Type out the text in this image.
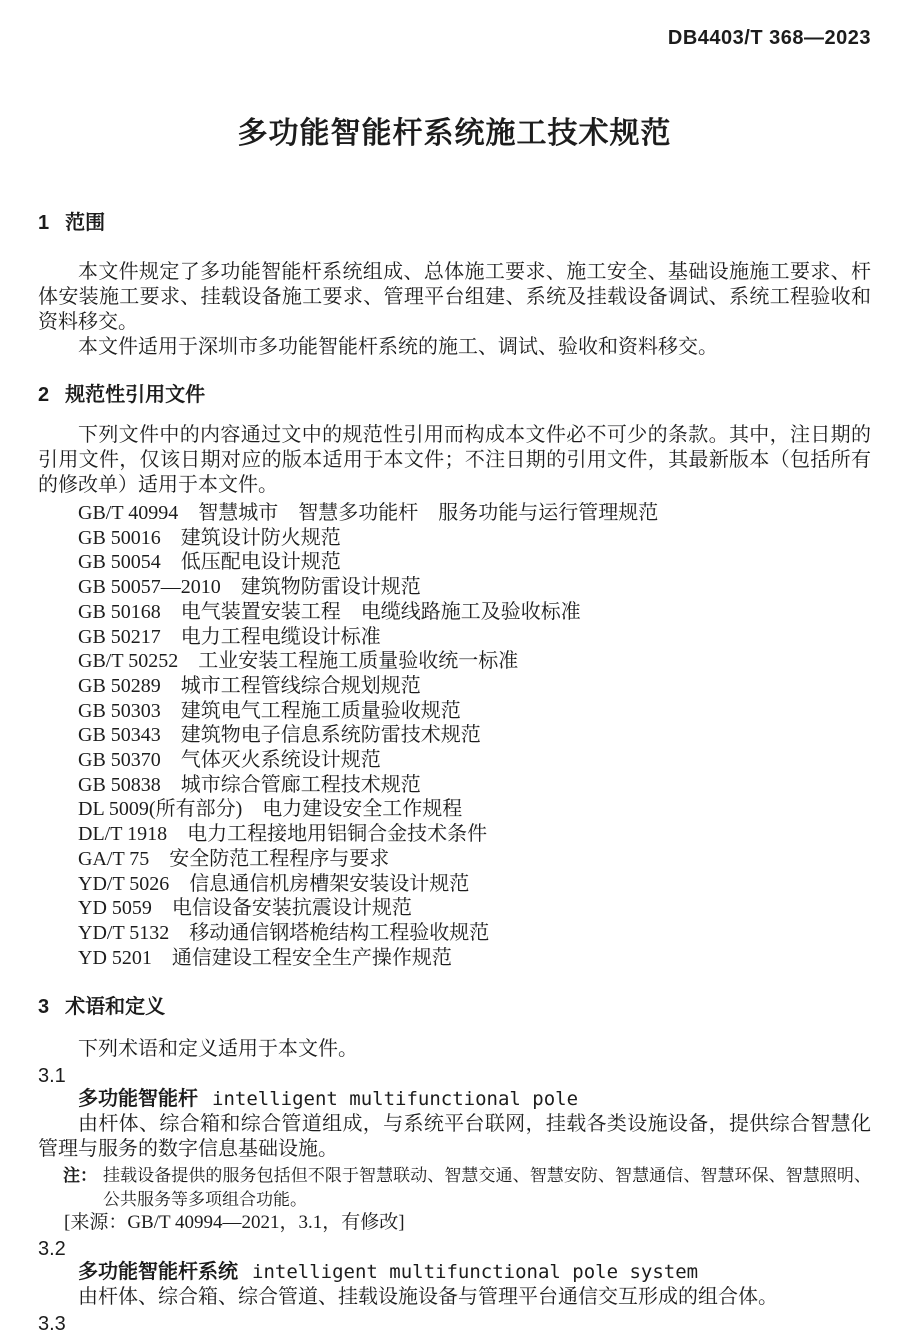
DB4403/T 368—2023
多功能智能杆系统施工技术规范
1 范围

本文件规定了多功能智能杆系统组成、总体施工要求、施工安全、基础设施施工要求、杆体安装施工要求、挂载设备施工要求、管理平台组建、系统及挂载设备调试、系统工程验收和资料移交。

本文件适用于深圳市多功能智能杆系统的施工、调试、验收和资料移交。

2 规范性引用文件

下列文件中的内容通过文中的规范性引用而构成本文件必不可少的条款。其中，注日期的引用文件，仅该日期对应的版本适用于本文件；不注日期的引用文件，其最新版本（包括所有的修改单）适用于本文件。

GB/T 40994　智慧城市　智慧多功能杆　服务功能与运行管理规范
GB 50016　建筑设计防火规范
GB 50054　低压配电设计规范
GB 50057—2010　建筑物防雷设计规范
GB 50168　电气装置安装工程　电缆线路施工及验收标准
GB 50217　电力工程电缆设计标准
GB/T 50252　工业安装工程施工质量验收统一标准
GB 50289　城市工程管线综合规划规范
GB 50303　建筑电气工程施工质量验收规范
GB 50343　建筑物电子信息系统防雷技术规范
GB 50370　气体灭火系统设计规范
GB 50838　城市综合管廊工程技术规范
DL 5009(所有部分)　电力建设安全工作规程
DL/T 1918　电力工程接地用铝铜合金技术条件
GA/T 75　安全防范工程程序与要求
YD/T 5026　信息通信机房槽架安装设计规范
YD 5059　电信设备安装抗震设计规范
YD/T 5132　移动通信钢塔桅结构工程验收规范
YD 5201　通信建设工程安全生产操作规范
3 术语和定义

下列术语和定义适用于本文件。

3.1
多功能智能杆 intelligent multifunctional pole

由杆体、综合箱和综合管道组成，与系统平台联网，挂载各类设施设备，提供综合智慧化管理与服务的数字信息基础设施。

注： 挂载设备提供的服务包括但不限于智慧联动、智慧交通、智慧安防、智慧通信、智慧环保、智慧照明、公共服务等多项组合功能。
[来源：GB/T 40994—2021，3.1，有修改]
3.2
多功能智能杆系统 intelligent multifunctional pole system

由杆体、综合箱、综合管道、挂载设施设备与管理平台通信交互形成的组合体。

3.3
